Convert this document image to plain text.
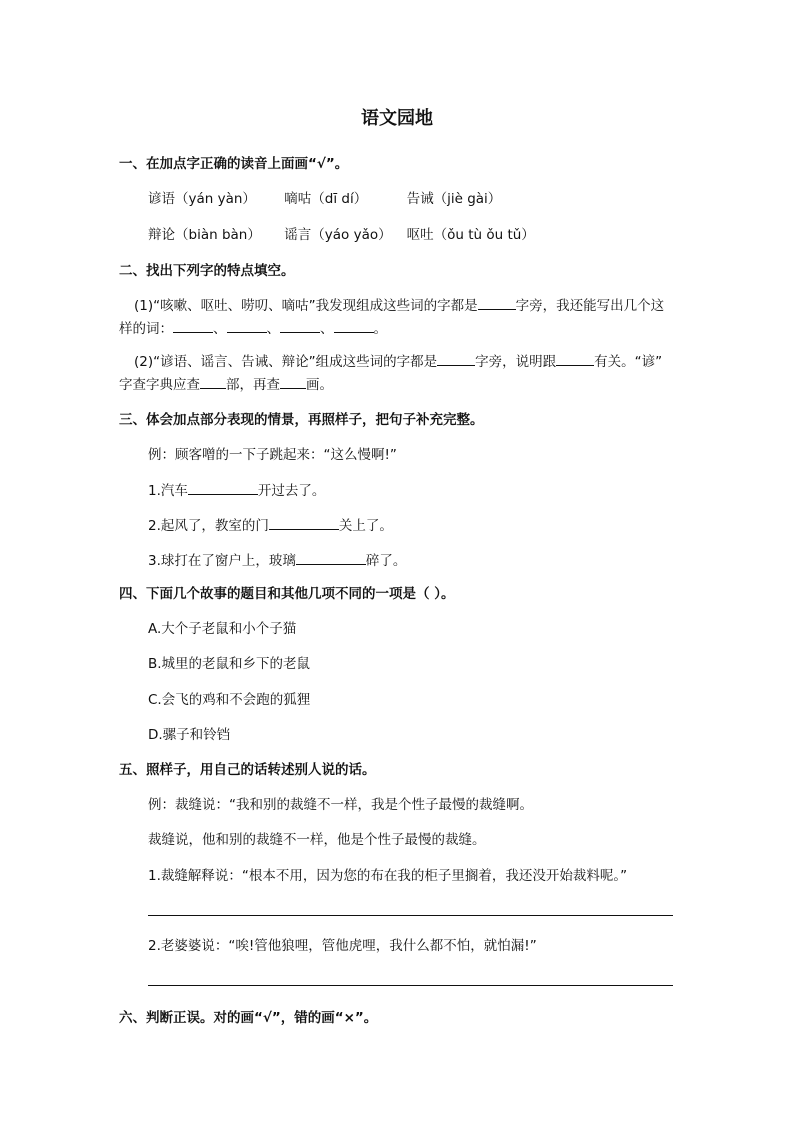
语文园地
一、在加点字正确的读音上面画“√”。
谚语（yán yàn） 嘀咕（dī dí）	告诫（jiè gài）
辩论（biàn bàn） 谣言（yáo yǎo） 呕吐（ǒu tù ǒu tǔ）
二、找出下列字的特点填空。
(1)“咳嗽、呕吐、唠叨、嘀咕”我发现组成这些词的字都是	字旁，我还能写出几个这
样的词：	、	、	、	。
(2)“谚语、谣言、告诫、辩论”组成这些词的字都是	字旁，说明跟	有关。“谚”
字查字典应查 部，再查 画。
三、体会加点部分表现的情景，再照样子，把句子补充完整。
例：顾客噌的一下子跳起来：“这么慢啊!”
1.汽车	开过去了。
2.起风了，教室的门	关上了。
3.球打在了窗户上，玻璃	碎了。
四、下面几个故事的题目和其他几项不同的一项是（ ）。
A.大个子老鼠和小个子猫
B.城里的老鼠和乡下的老鼠
C.会飞的鸡和不会跑的狐狸
D.骡子和铃铛
五、照样子，用自己的话转述别人说的话。
例：裁缝说：“我和别的裁缝不一样，我是个性子最慢的裁缝啊。
裁缝说，他和别的裁缝不一样，他是个性子最慢的裁缝。
1.裁缝解释说：“根本不用，因为您的布在我的柜子里搁着，我还没开始裁料呢。”
2.老婆婆说：“唉!管他狼哩，管他虎哩，我什么都不怕，就怕漏!”
六、判断正误。对的画“√”，错的画“×”。
